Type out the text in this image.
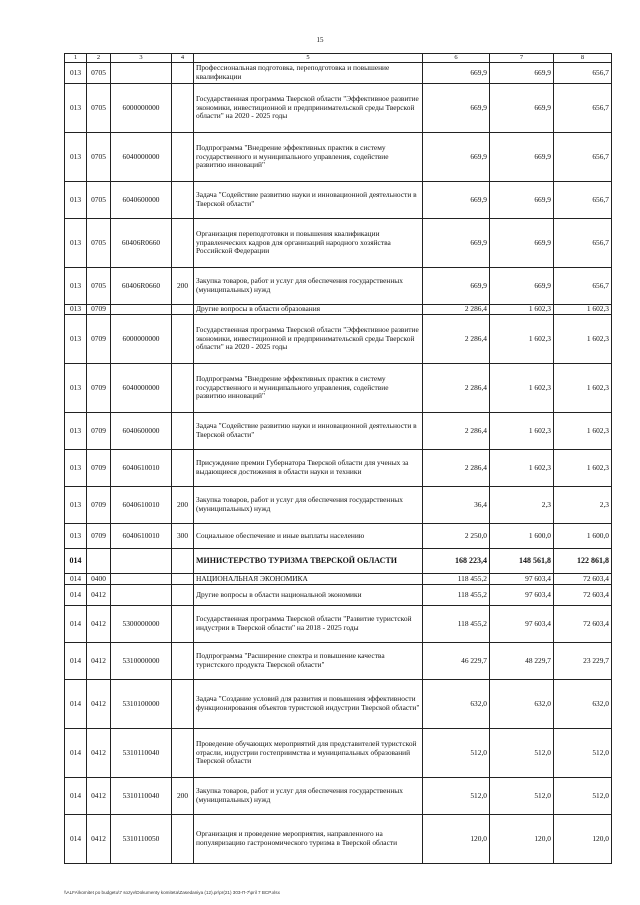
15
1	2	3	4	5	6	7	8
013	0705			Профессиональная подготовка, переподготовка и повышение квалификации	669,9	669,9	656,7
013	0705	6000000000		Государственная программа Тверской области "Эффективное развитие экономики, инвестиционной и предпринимательской среды Тверской области" на 2020 - 2025 годы	669,9	669,9	656,7
013	0705	6040000000		Подпрограмма "Внедрение эффективных практик в систему государственного и муниципального управления, содействие развитию инноваций"	669,9	669,9	656,7
013	0705	6040600000		Задача "Содействие развитию науки и инновационной деятельности в Тверской области"	669,9	669,9	656,7
013	0705	60406R0660		Организация переподготовки и повышения квалификации управленческих кадров для организаций народного хозяйства Российской Федерации	669,9	669,9	656,7
013	0705	60406R0660	200	Закупка товаров, работ и услуг для обеспечения государственных (муниципальных) нужд	669,9	669,9	656,7
013	0709			Другие вопросы в области образования	2 286,4	1 602,3	1 602,3
013	0709	6000000000		Государственная программа Тверской области "Эффективное развитие экономики, инвестиционной и предпринимательской среды Тверской области" на 2020 - 2025 годы	2 286,4	1 602,3	1 602,3
013	0709	6040000000		Подпрограмма "Внедрение эффективных практик в систему государственного и муниципального управления, содействие развитию инноваций"	2 286,4	1 602,3	1 602,3
013	0709	6040600000		Задача "Содействие развитию науки и инновационной деятельности в Тверской области"	2 286,4	1 602,3	1 602,3
013	0709	6040610010		Присуждение премии Губернатора Тверской области для ученых за выдающиеся достижения в области науки и техники	2 286,4	1 602,3	1 602,3
013	0709	6040610010	200	Закупка товаров, работ и услуг для обеспечения государственных (муниципальных) нужд	36,4	2,3	2,3
013	0709	6040610010	300	Социальное обеспечение и иные выплаты населению	2 250,0	1 600,0	1 600,0
014				МИНИСТЕРСТВО ТУРИЗМА ТВЕРСКОЙ ОБЛАСТИ	168 223,4	148 561,8	122 861,8
014	0400			НАЦИОНАЛЬНАЯ ЭКОНОМИКА	118 455,2	97 603,4	72 603,4
014	0412			Другие вопросы в области национальной экономики	118 455,2	97 603,4	72 603,4
014	0412	5300000000		Государственная программа Тверской области "Развитие туристской индустрии в Тверской области" на 2018 - 2025 годы	118 455,2	97 603,4	72 603,4
014	0412	5310000000		Подпрограмма "Расширение спектра и повышение качества туристского продукта Тверской области"	46 229,7	48 229,7	23 229,7
014	0412	5310100000		Задача "Создание условий для развития и повышения эффективности функционирования объектов туристской индустрии Тверской области"	632,0	632,0	632,0
014	0412	5310110040		Проведение обучающих мероприятий для представителей туристской отрасли, индустрии гостеприимства и муниципальных образований Тверской области	512,0	512,0	512,0
014	0412	5310110040	200	Закупка товаров, работ и услуг для обеспечения государственных (муниципальных) нужд	512,0	512,0	512,0
014	0412	5310110050		Организация и проведение мероприятия, направленного на популяризацию гастрономического туризма в Тверской области	120,0	120,0	120,0
\\ALFA\komitet po budgetu\7 sozyv\Dokumenty komiteta\Zasedaniya (12).pr\pr(21) 303-П-7\pril 7 BCP.xlsx
